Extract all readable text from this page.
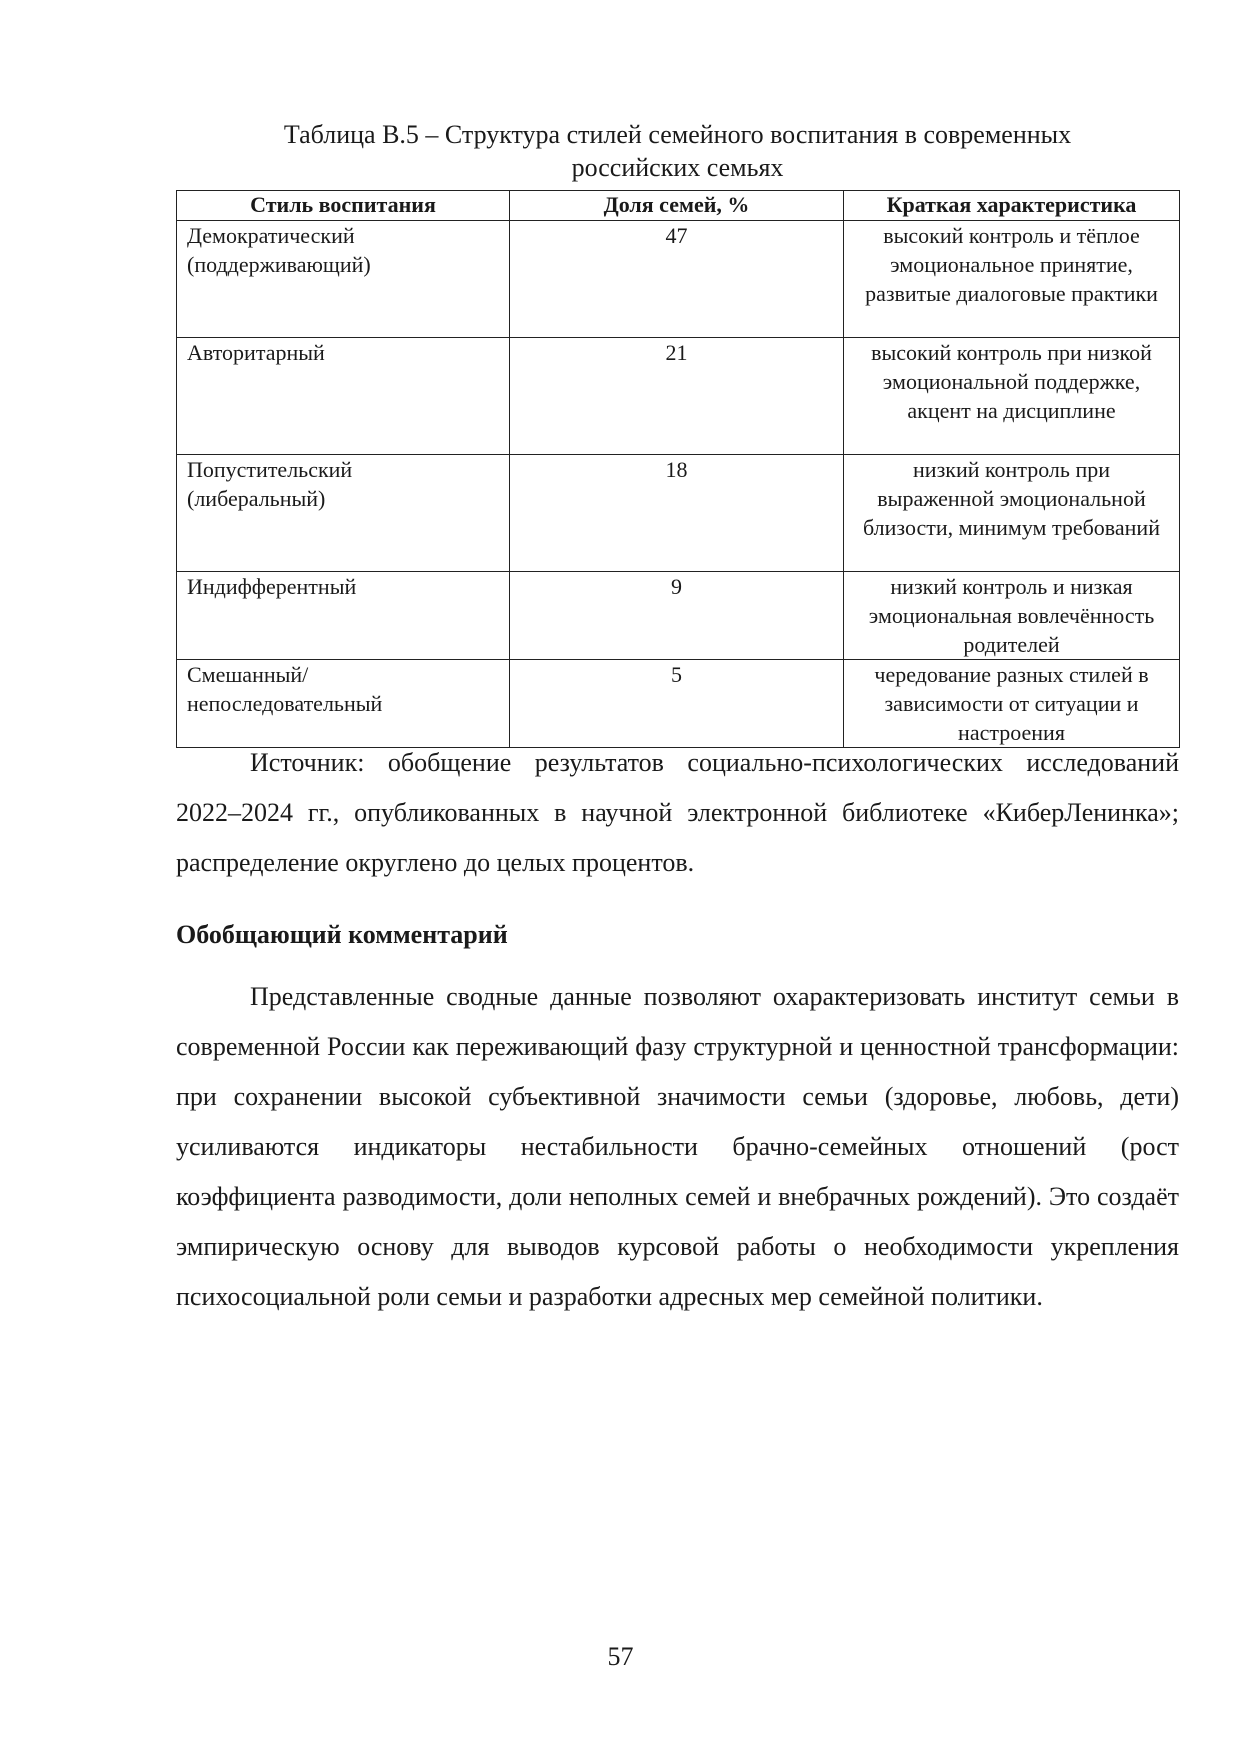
Таблица В.5 – Структура стилей семейного воспитания в современных
российских семьях
Стиль воспитания	Доля семей, %	Краткая характеристика

Демократический
(поддерживающий)	47	высокий контроль и тёплое эмоциональное принятие, развитые диалоговые практики

Авторитарный	21	высокий контроль при низкой эмоциональной поддержке, акцент на дисциплине

Попустительский
(либеральный)	18	низкий контроль при выраженной эмоциональной близости, минимум требований

Индифферентный	9	низкий контроль и низкая эмоциональная вовлечённость родителей

Смешанный/
непоследовательный	5	чередование разных стилей в зависимости от ситуации и настроения

Источник: обобщение результатов социально-психологических исследований 2022–2024 гг., опубликованных в научной электронной библиотеке «КиберЛенинка»; распределение округлено до целых процентов.

Обобщающий комментарий

Представленные сводные данные позволяют охарактеризовать институт семьи в современной России как переживающий фазу структурной и ценностной трансформации: при сохранении высокой субъективной значимости семьи (здоровье, любовь, дети) усиливаются индикаторы нестабильности брачно-семейных отношений (рост коэффициента разводимости, доли неполных семей и внебрачных рождений). Это создаёт эмпирическую основу для выводов курсовой работы о необходимости укрепления психосоциальной роли семьи и разработки адресных мер семейной политики.

57
